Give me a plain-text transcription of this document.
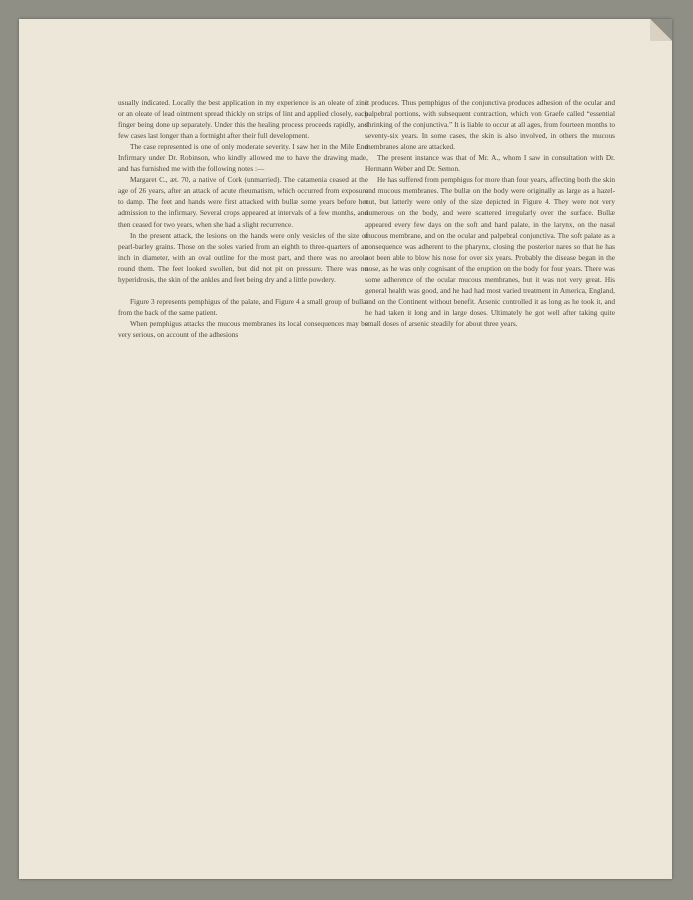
usually indicated. Locally the best application in my experience is an oleate of zinc or an oleate of lead ointment spread thickly on strips of lint and applied closely, each finger being done up separately. Under this the healing process proceeds rapidly, and few cases last longer than a fortnight after their full development.

The case represented is one of only moderate severity. I saw her in the Mile End Infirmary under Dr. Robinson, who kindly allowed me to have the drawing made, and has furnished me with the following notes :—

Margaret C., æt. 70, a native of Cork (unmarried). The catamenia ceased at the age of 26 years, after an attack of acute rheumatism, which occurred from exposure to damp. The feet and hands were first attacked with bullæ some years before her admission to the infirmary. Several crops appeared at intervals of a few months, and then ceased for two years, when she had a slight recurrence.

In the present attack, the lesions on the hands were only vesicles of the size of pearl-barley grains. Those on the soles varied from an eighth to three-quarters of an inch in diameter, with an oval outline for the most part, and there was no areola round them. The feet looked swollen, but did not pit on pressure. There was no hyperidrosis, the skin of the ankles and feet being dry and a little powdery.

Figure 3 represents pemphigus of the palate, and Figure 4 a small group of bullæ from the back of the same patient.

When pemphigus attacks the mucous membranes its local consequences may be very serious, on account of the adhesions

it produces. Thus pemphigus of the conjunctiva produces adhesion of the ocular and palpebral portions, with subsequent contraction, which von Graefe called “essential shrinking of the conjunctiva.” It is liable to occur at all ages, from fourteen months to seventy-six years. In some cases, the skin is also involved, in others the mucous membranes alone are attacked.

The present instance was that of Mr. A., whom I saw in consultation with Dr. Hermann Weber and Dr. Semon.

He has suffered from pemphigus for more than four years, affecting both the skin and mucous membranes. The bullæ on the body were originally as large as a hazel-nut, but latterly were only of the size depicted in Figure 4. They were not very numerous on the body, and were scattered irregularly over the surface. Bullæ appeared every few days on the soft and hard palate, in the larynx, on the nasal mucous membrane, and on the ocular and palpebral conjunctiva. The soft palate as a consequence was adherent to the pharynx, closing the posterior nares so that he has not been able to blow his nose for over six years. Probably the disease began in the nose, as he was only cognisant of the eruption on the body for four years. There was some adherence of the ocular mucous membranes, but it was not very great. His general health was good, and he had had most varied treatment in America, England, and on the Continent without benefit. Arsenic controlled it as long as he took it, and he had taken it long and in large doses. Ultimately he got well after taking quite small doses of arsenic steadily for about three years.
